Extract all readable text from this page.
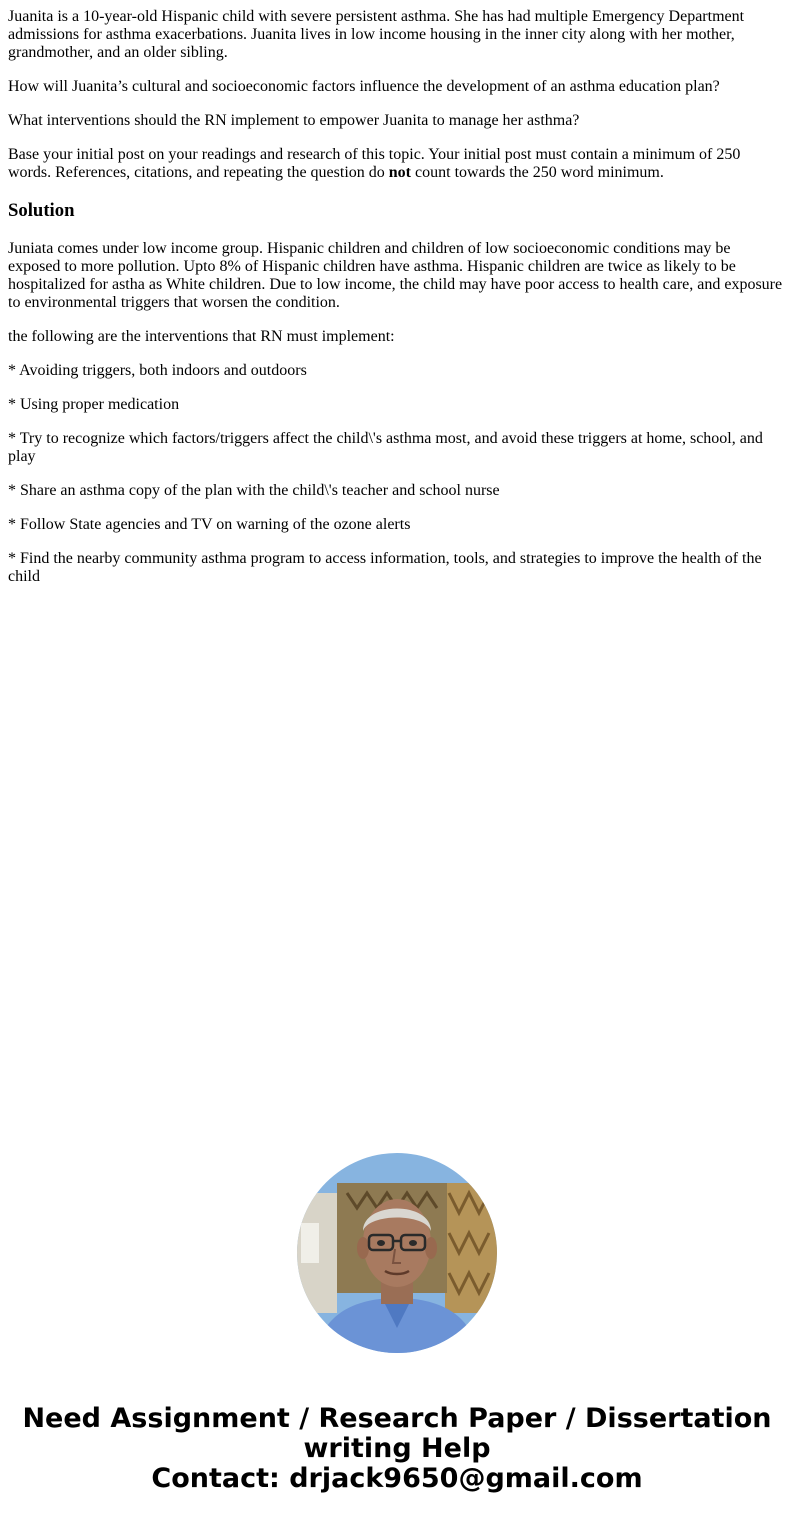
Juanita is a 10-year-old Hispanic child with severe persistent asthma. She has had multiple Emergency Department admissions for asthma exacerbations. Juanita lives in low income housing in the inner city along with her mother, grandmother, and an older sibling.

How will Juanita’s cultural and socioeconomic factors influence the development of an asthma education plan?

What interventions should the RN implement to empower Juanita to manage her asthma?

Base your initial post on your readings and research of this topic. Your initial post must contain a minimum of 250 words. References, citations, and repeating the question do not count towards the 250 word minimum.

Solution

Juniata comes under low income group. Hispanic children and children of low socioeconomic conditions may be exposed to more pollution. Upto 8% of Hispanic children have asthma. Hispanic children are twice as likely to be hospitalized for astha as White children. Due to low income, the child may have poor access to health care, and exposure to environmental triggers that worsen the condition.

the following are the interventions that RN must implement:

* Avoiding triggers, both indoors and outdoors

* Using proper medication

* Try to recognize which factors/triggers affect the child\'s asthma most, and avoid these triggers at home, school, and play

* Share an asthma copy of the plan with the child\'s teacher and school nurse

* Follow State agencies and TV on warning of the ozone alerts

* Find the nearby community asthma program to access information, tools, and strategies to improve the health of the child

Need Assignment / Research Paper / Dissertation
writing Help
Contact: drjack9650@gmail.com
